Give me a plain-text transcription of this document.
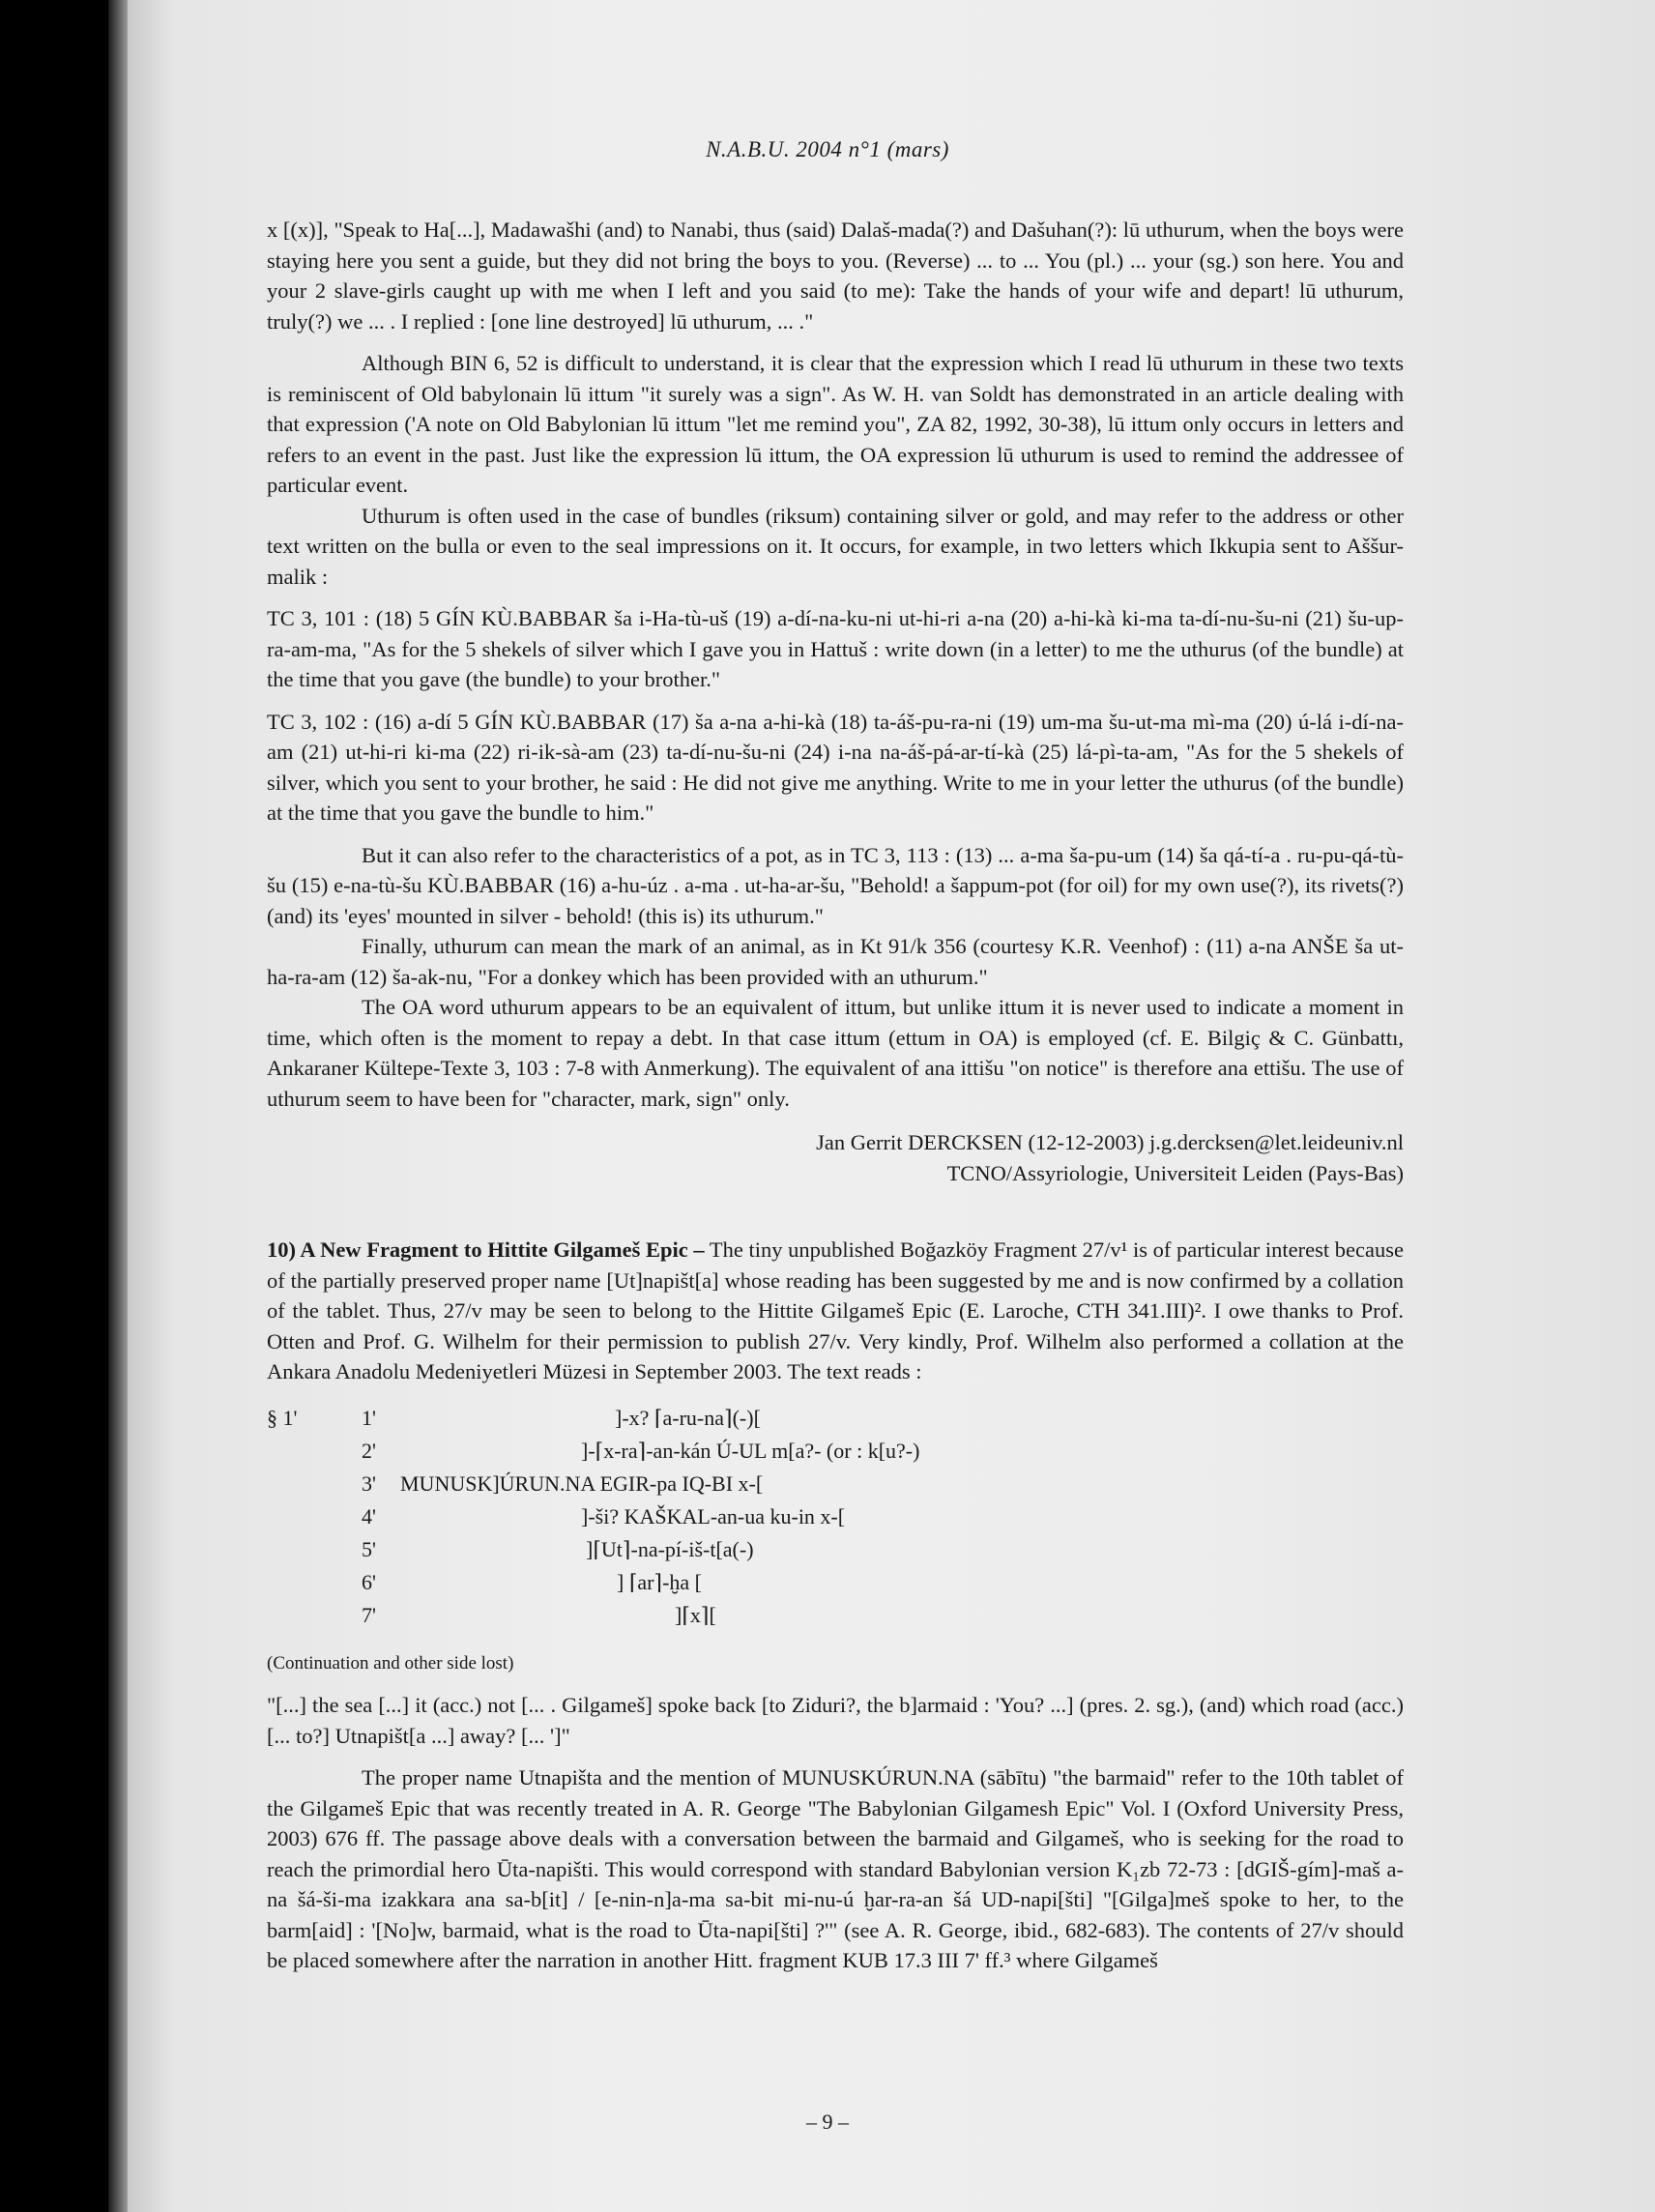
N.A.B.U. 2004 n°1 (mars)

x [(x)], "Speak to Ha[...], Madawašhi (and) to Nanabi, thus (said) Dalaš-mada(?) and Dašuhan(?): lū uthurum, when the boys were staying here you sent a guide, but they did not bring the boys to you. (Reverse) ... to ... You (pl.) ... your (sg.) son here. You and your 2 slave-girls caught up with me when I left and you said (to me): Take the hands of your wife and depart! lū uthurum, truly(?) we ... . I replied : [one line destroyed] lū uthurum, ... ."

Although BIN 6, 52 is difficult to understand, it is clear that the expression which I read lū uthurum in these two texts is reminiscent of Old babylonain lū ittum "it surely was a sign". As W. H. van Soldt has demonstrated in an article dealing with that expression ('A note on Old Babylonian lū ittum "let me remind you", ZA 82, 1992, 30-38), lū ittum only occurs in letters and refers to an event in the past. Just like the expression lū ittum, the OA expression lū uthurum is used to remind the addressee of particular event.

Uthurum is often used in the case of bundles (riksum) containing silver or gold, and may refer to the address or other text written on the bulla or even to the seal impressions on it. It occurs, for example, in two letters which Ikkupia sent to Aššur-malik :

TC 3, 101 : (18) 5 GÍN KÙ.BABBAR ša i-Ha-tù-uš (19) a-dí-na-ku-ni ut-hi-ri a-na (20) a-hi-kà ki-ma ta-dí-nu-šu-ni (21) šu-up-ra-am-ma, "As for the 5 shekels of silver which I gave you in Hattuš : write down (in a letter) to me the uthurus (of the bundle) at the time that you gave (the bundle) to your brother."

TC 3, 102 : (16) a-dí 5 GÍN KÙ.BABBAR (17) ša a-na a-hi-kà (18) ta-áš-pu-ra-ni (19) um-ma šu-ut-ma mì-ma (20) ú-lá i-dí-na-am (21) ut-hi-ri ki-ma (22) ri-ik-sà-am (23) ta-dí-nu-šu-ni (24) i-na na-áš-pá-ar-tí-kà (25) lá-pì-ta-am, "As for the 5 shekels of silver, which you sent to your brother, he said : He did not give me anything. Write to me in your letter the uthurus (of the bundle) at the time that you gave the bundle to him."

But it can also refer to the characteristics of a pot, as in TC 3, 113 : (13) ... a-ma ša-pu-um (14) ša qá-tí-a . ru-pu-qá-tù-šu (15) e-na-tù-šu KÙ.BABBAR (16) a-hu-úz . a-ma . ut-ha-ar-šu, "Behold! a šappum-pot (for oil) for my own use(?), its rivets(?) (and) its 'eyes' mounted in silver - behold! (this is) its uthurum."

Finally, uthurum can mean the mark of an animal, as in Kt 91/k 356 (courtesy K.R. Veenhof) : (11) a-na ANŠE ša ut-ha-ra-am (12) ša-ak-nu, "For a donkey which has been provided with an uthurum."

The OA word uthurum appears to be an equivalent of ittum, but unlike ittum it is never used to indicate a moment in time, which often is the moment to repay a debt. In that case ittum (ettum in OA) is employed (cf. E. Bilgiç & C. Günbattı, Ankaraner Kültepe-Texte 3, 103 : 7-8 with Anmerkung). The equivalent of ana ittišu "on notice" is therefore ana ettišu. The use of uthurum seem to have been for "character, mark, sign" only.

Jan Gerrit DERCKSEN (12-12-2003) j.g.dercksen@let.leideuniv.nl

TCNO/Assyriologie, Universiteit Leiden (Pays-Bas)

10) A New Fragment to Hittite Gilgameš Epic – The tiny unpublished Boğazköy Fragment 27/v¹ is of particular interest because of the partially preserved proper name [Ut]napišt[a] whose reading has been suggested by me and is now confirmed by a collation of the tablet. Thus, 27/v may be seen to belong to the Hittite Gilgameš Epic (E. Laroche, CTH 341.III)². I owe thanks to Prof. Otten and Prof. G. Wilhelm for their permission to publish 27/v. Very kindly, Prof. Wilhelm also performed a collation at the Ankara Anadolu Medeniyetleri Müzesi in September 2003. The text reads :

§ 1'	1'	]-x? ⌈a-ru-na⌉(-)[
2'	]-⌈x-ra⌉-an-kán Ú-UL m[a?- (or : k[u?-)
3'	MUNUSK]ÚRUN.NA EGIR-pa IQ-BI x-[
4'	]-ši? KAŠKAL-an-ua ku-in x-[
5'	]⌈Ut⌉-na-pí-iš-t[a(-)
6'	] ⌈ar⌉-ḫa [
7'	]⌈x⌉[

(Continuation and other side lost)

"[...] the sea [...] it (acc.) not [... . Gilgameš] spoke back [to Ziduri?, the b]armaid : 'You? ...] (pres. 2. sg.), (and) which road (acc.) [... to?] Utnapišt[a ...] away? [... ']"

The proper name Utnapišta and the mention of MUNUSKÚRUN.NA (sābītu) "the barmaid" refer to the 10th tablet of the Gilgameš Epic that was recently treated in A. R. George "The Babylonian Gilgamesh Epic" Vol. I (Oxford University Press, 2003) 676 ff. The passage above deals with a conversation between the barmaid and Gilgameš, who is seeking for the road to reach the primordial hero Ūta-napišti. This would correspond with standard Babylonian version K₁zb 72-73 : [dGIŠ-gím]-maš a-na šá-ši-ma izakkara ana sa-b[it] / [e-nin-n]a-ma sa-bit mi-nu-ú ḫar-ra-an šá UD-napi[šti] "[Gilga]meš spoke to her, to the barm[aid] : '[No]w, barmaid, what is the road to Ūta-napi[šti] ?'" (see A. R. George, ibid., 682-683). The contents of 27/v should be placed somewhere after the narration in another Hitt. fragment KUB 17.3 III 7' ff.³ where Gilgameš

– 9 –
